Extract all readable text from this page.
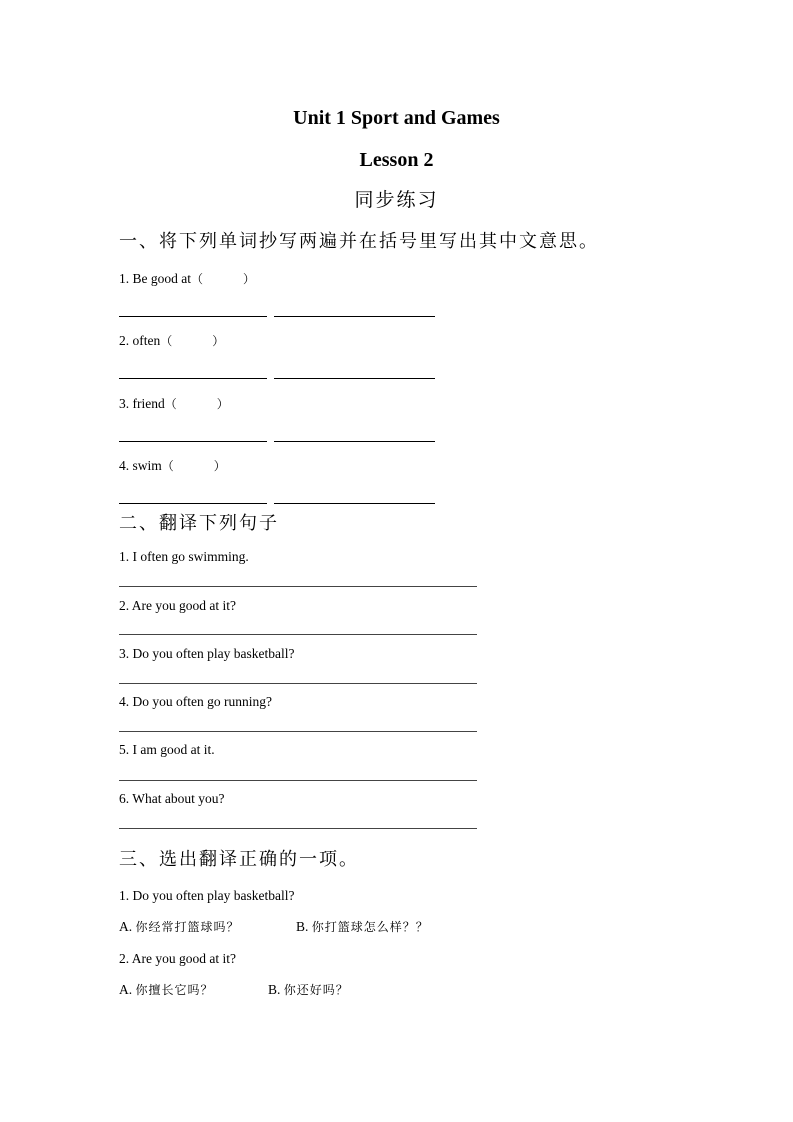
Unit 1 Sport and Games
Lesson 2
同步练习
一、将下列单词抄写两遍并在括号里写出其中文意思。
1. Be good at（	）
2. often（	）
3. friend（	）
4. swim（	）
二、翻译下列句子
1. I often go swimming.
2. Are you good at it?
3. Do you often play basketball?
4. Do you often go running?
5. I am good at it.
6. What about you?
三、选出翻译正确的一项。
1. Do you often play basketball?
A. 你经常打篮球吗？	B. 你打篮球怎么样？？
2. Are you good at it?
A. 你擅长它吗？	B. 你还好吗？
